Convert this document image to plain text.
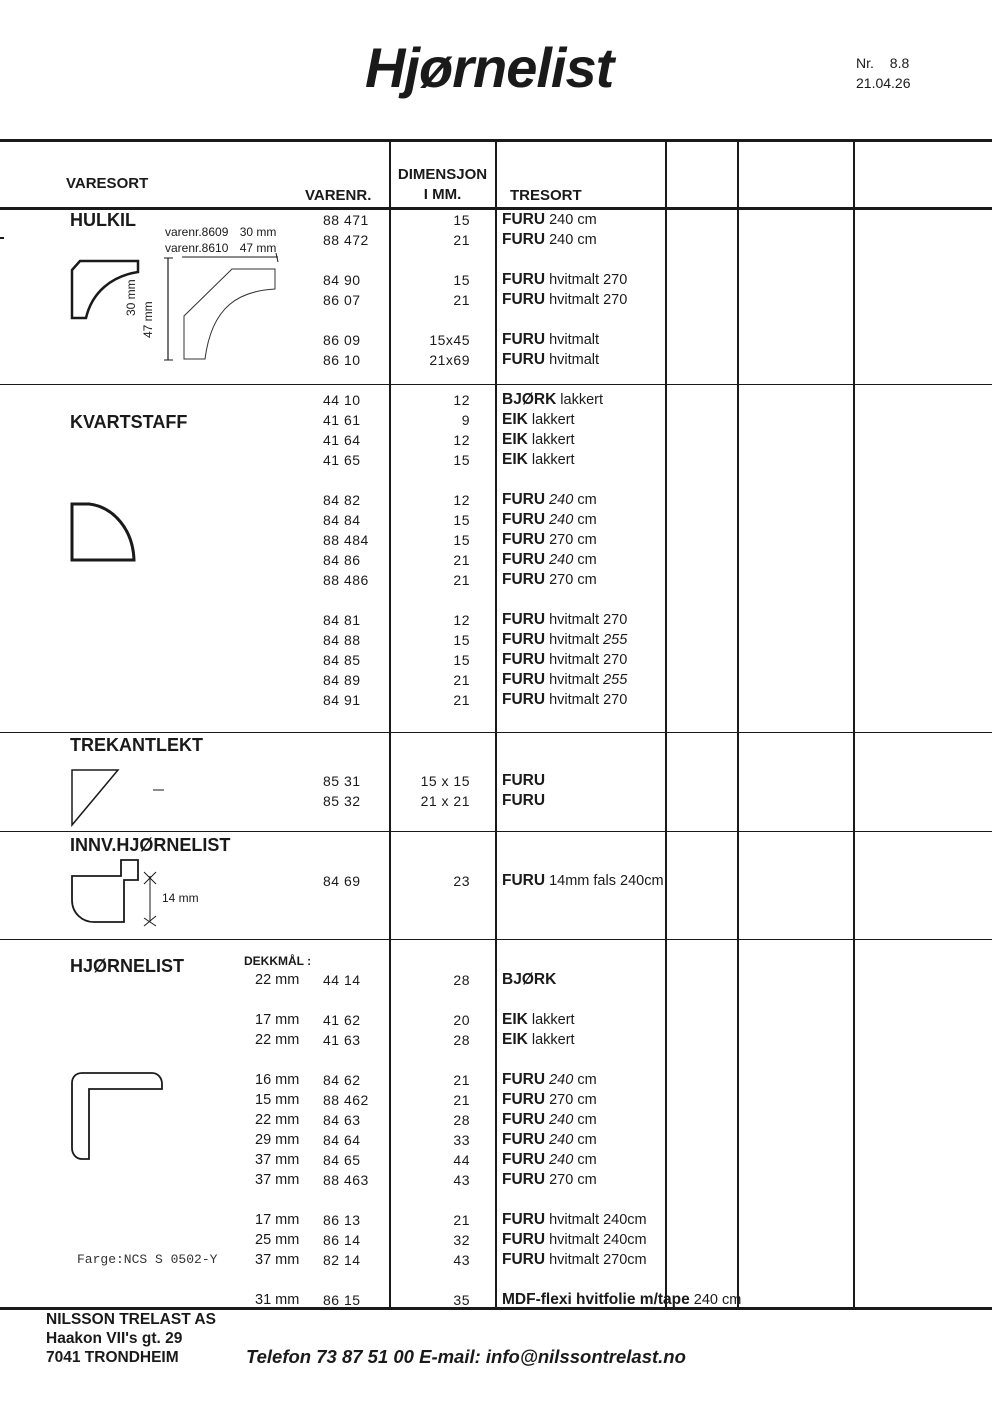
Hjørnelist	Nr. 8.8
21.04.26
VARESORT
VARENR.
DIMENSJON
I MM.	TRESORT
HULKIL
varenr.8609 30 mm
varenr.8610 47 mm
30 mm
47 mm
88 471	15 FURU 240 cm
88 472	21 FURU 240 cm
84 90	15 FURU hvitmalt 270
86 07	21 FURU hvitmalt 270
86 09	15x45 FURU hvitmalt
86 10	21x69 FURU hvitmalt
KVARTSTAFF
44 10	12 BJØRK lakkert
41 61	9 EIK lakkert
41 64	12 EIK lakkert
41 65	15 EIK lakkert
84 82	12 FURU 240 cm
84 84	15 FURU 240 cm
88 484	15 FURU 270 cm
84 86	21 FURU 240 cm
88 486	21 FURU 270 cm
84 81	12 FURU hvitmalt 270
84 88	15 FURU hvitmalt 255
84 85	15 FURU hvitmalt 270
84 89	21 FURU hvitmalt 255
84 91	21 FURU hvitmalt 270
TREKANTLEKT
85 31	15 x 15 FURU
85 32	21 x 21 FURU
INNV.HJØRNELIST
14 mm
84 69	23 FURU 14mm fals 240cm
HJØRNELIST	DEKKMÅL :
Farge:NCS S 0502-Y
22 mm	44 14	28 BJØRK
17 mm	41 62	20 EIK lakkert
22 mm	41 63	28 EIK lakkert
16 mm	84 62	21 FURU 240 cm
15 mm	88 462	21 FURU 270 cm
22 mm	84 63	28 FURU 240 cm
29 mm	84 64	33 FURU 240 cm
37 mm	84 65	44 FURU 240 cm
37 mm	88 463	43 FURU 270 cm
17 mm	86 13	21 FURU hvitmalt 240cm
25 mm	86 14	32 FURU hvitmalt 240cm
37 mm	82 14	43 FURU hvitmalt 270cm
31 mm	86 15	35 MDF-flexi hvitfolie m/tape 240 cm
NILSSON TRELAST AS
Haakon VII's gt. 29
7041 TRONDHEIM	Telefon 73 87 51 00 E-mail: info@nilssontrelast.no
